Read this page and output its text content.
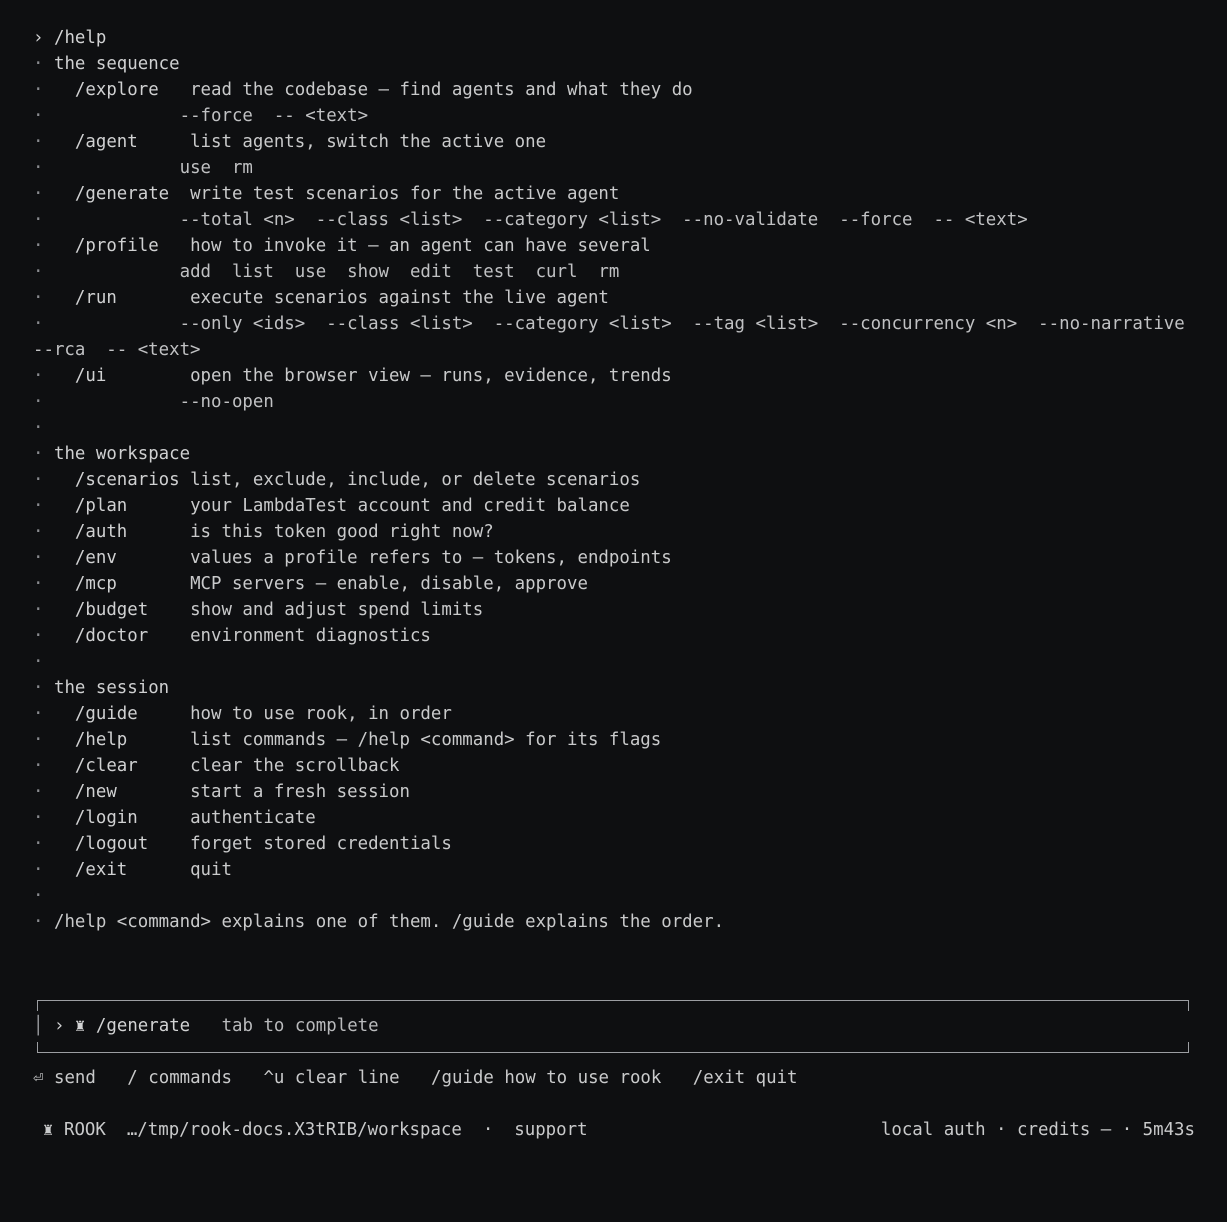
› /help
· the sequence
· /explore   read the codebase — find agents and what they do
·	--force  -- <text>
· /agent     list agents, switch the active one
·	use  rm
· /generate  write test scenarios for the active agent
·	--total <n>  --class <list>  --category <list>  --no-validate  --force  -- <text>
· /profile   how to invoke it — an agent can have several
·	add  list  use  show  edit  test  curl  rm
· /run       execute scenarios against the live agent
·	--only <ids>  --class <list>  --category <list>  --tag <list>  --concurrency <n>  --no-narrative
--rca  -- <text>
· /ui        open the browser view — runs, evidence, trends
·	--no-open
·
· the workspace
· /scenarios list, exclude, include, or delete scenarios
· /plan      your LambdaTest account and credit balance
· /auth      is this token good right now?
· /env       values a profile refers to — tokens, endpoints
· /mcp       MCP servers — enable, disable, approve
· /budget    show and adjust spend limits
· /doctor    environment diagnostics
·
· the session
· /guide     how to use rook, in order
· /help      list commands — /help <command> for its flags
· /clear     clear the scrollback
· /new       start a fresh session
· /login     authenticate
· /logout    forget stored credentials
· /exit      quit
·
· /help <command> explains one of them. /guide explains the order.
│ › ♜ /generate tab to complete
⏎ send / commands ^u clear line /guide how to use rook /exit quit

♜ ROOK …/tmp/rook-docs.X3tRIB/workspace · support

	local auth · credits — · 5m43s
